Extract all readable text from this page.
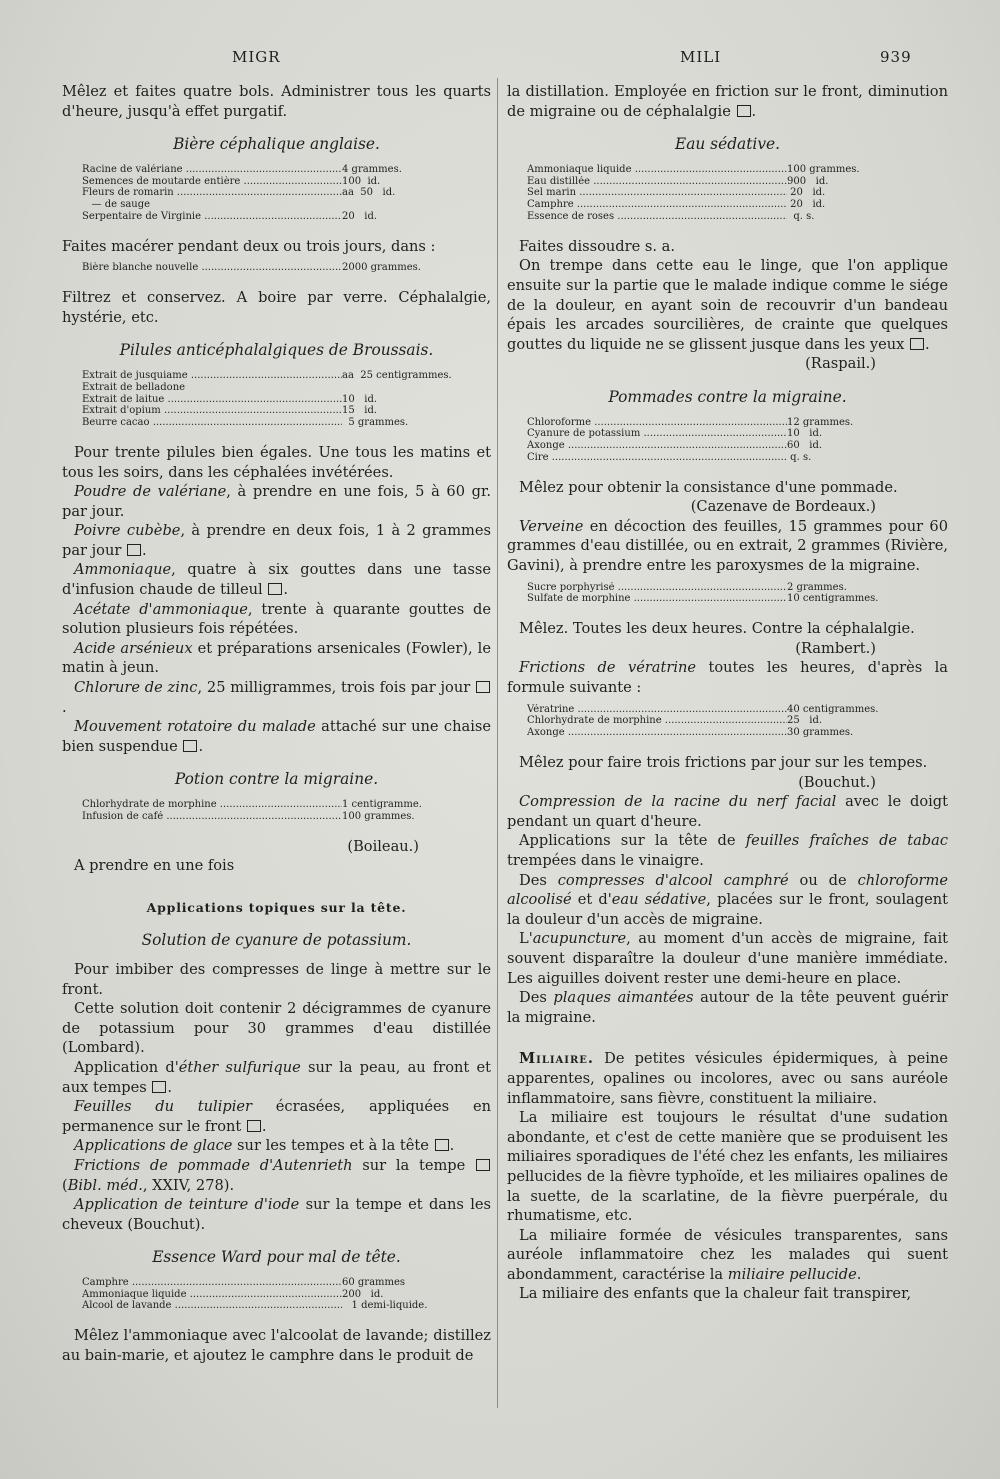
MIGR	MILI	939

Mêlez et faites quatre bols. Administrer tous les quarts d'heure, jusqu'à effet purgatif.

Bière céphalique anglaise.
Racine de valériane .....	4 grammes.
Semences de moutarde entière .....	100  id.
Fleurs de romarin .....	aa  50   id.
— de sauge
Serpentaire de Virginie .....	20   id.

Faites macérer pendant deux ou trois jours, dans :

Bière blanche nouvelle .....	2000 grammes.

Filtrez et conservez. A boire par verre. Céphalalgie, hystérie, etc.

Pilules anticéphalalgiques de Broussais.
Extrait de jusquiame .....	aa  25 centigrammes.
Extrait de belladone
Extrait de laitue .....	10   id.
Extrait d'opium .....	15   id.
Beurre cacao .....	5 grammes.

Pour trente pilules bien égales. Une tous les matins et tous les soirs, dans les céphalées invétérées.

Poudre de valériane, à prendre en une fois, 5 à 60 gr. par jour.

Poivre cubèbe, à prendre en deux fois, 1 à 2 grammes par jour .

Ammoniaque, quatre à six gouttes dans une tasse d'infusion chaude de tilleul .

Acétate d'ammoniaque, trente à quarante gouttes de solution plusieurs fois répétées.

Acide arsénieux et préparations arsenicales (Fowler), le matin à jeun.

Chlorure de zinc, 25 milligrammes, trois fois par jour .

Mouvement rotatoire du malade attaché sur une chaise bien suspendue .

Potion contre la migraine.
Chlorhydrate de morphine .....	1 centigramme.
Infusion de café .....	100 grammes.

(Boileau.)

A prendre en une fois

Applications topiques sur la tête.
Solution de cyanure de potassium.

Pour imbiber des compresses de linge à mettre sur le front.

Cette solution doit contenir 2 décigrammes de cyanure de potassium pour 30 grammes d'eau distillée (Lombard).

Application d'éther sulfurique sur la peau, au front et aux tempes .

Feuilles du tulipier écrasées, appliquées en permanence sur le front .

Applications de glace sur les tempes et à la tête .

Frictions de pommade d'Autenrieth sur la tempe  (Bibl. méd., XXIV, 278).

Application de teinture d'iode sur la tempe et dans les cheveux (Bouchut).

Essence Ward pour mal de tête.
Camphre .....	60 grammes
Ammoniaque liquide .....	200   id.
Alcool de lavande .....	1 demi-liquide.

Mêlez l'ammoniaque avec l'alcoolat de lavande; distillez au bain-marie, et ajoutez le camphre dans le produit de

la distillation. Employée en friction sur le front, diminution de migraine ou de céphalalgie .

Eau sédative.
Ammoniaque liquide .....	100 grammes.
Eau distillée .....	900   id.
Sel marin .....	20   id.
Camphre .....	20   id.
Essence de roses .....	q. s.

Faites dissoudre s. a.

On trempe dans cette eau le linge, que l'on applique ensuite sur la partie que le malade indique comme le siége de la douleur, en ayant soin de recouvrir d'un bandeau épais les arcades sourcilières, de crainte que quelques gouttes du liquide ne se glissent jusque dans les yeux .

(Raspail.)

Pommades contre la migraine.
Chloroforme .....	12 grammes.
Cyanure de potassium .....	10   id.
Axonge .....	60   id.
Cire .....	q. s.

Mêlez pour obtenir la consistance d'une pommade.

(Cazenave de Bordeaux.)

Verveine en décoction des feuilles, 15 grammes pour 60 grammes d'eau distillée, ou en extrait, 2 grammes (Rivière, Gavini), à prendre entre les paroxysmes de la migraine.

Sucre porphyrisé .....	2 grammes.
Sulfate de morphine .....	10 centigrammes.

Mêlez. Toutes les deux heures. Contre la céphalalgie.

(Rambert.)

Frictions de vératrine toutes les heures, d'après la formule suivante :

Vératrine .....	40 centigrammes.
Chlorhydrate de morphine .....	25   id.
Axonge .....	30 grammes.

Mêlez pour faire trois frictions par jour sur les tempes.

(Bouchut.)

Compression de la racine du nerf facial avec le doigt pendant un quart d'heure.

Applications sur la tête de feuilles fraîches de tabac trempées dans le vinaigre.

Des compresses d'alcool camphré ou de chloroforme alcoolisé et d'eau sédative, placées sur le front, soulagent la douleur d'un accès de migraine.

L'acupuncture, au moment d'un accès de migraine, fait souvent disparaître la douleur d'une manière immédiate. Les aiguilles doivent rester une demi-heure en place.

Des plaques aimantées autour de la tête peuvent guérir la migraine.

Miliaire. De petites vésicules épidermiques, à peine apparentes, opalines ou incolores, avec ou sans auréole inflammatoire, sans fièvre, constituent la miliaire.

La miliaire est toujours le résultat d'une sudation abondante, et c'est de cette manière que se produisent les miliaires sporadiques de l'été chez les enfants, les miliaires pellucides de la fièvre typhoïde, et les miliaires opalines de la suette, de la scarlatine, de la fièvre puerpérale, du rhumatisme, etc.

La miliaire formée de vésicules transparentes, sans auréole inflammatoire chez les malades qui suent abondamment, caractérise la miliaire pellucide.

La miliaire des enfants que la chaleur fait transpirer,
